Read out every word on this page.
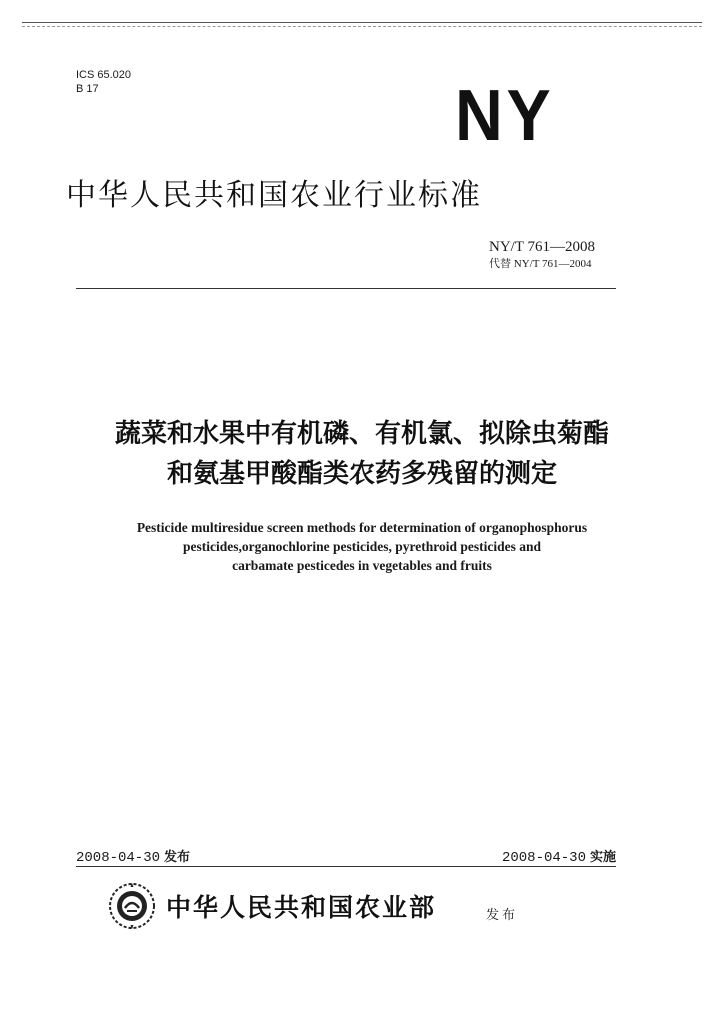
ICS 65.020
B 17	NY
中华人民共和国农业行业标准
NY/T 761—2008
代替 NY/T 761—2004
蔬菜和水果中有机磷、有机氯、拟除虫菊酯
和氨基甲酸酯类农药多残留的测定
Pesticide multiresidue screen methods for determination of organophosphorus
pesticides,organochlorine pesticides, pyrethroid pesticides and
carbamate pesticedes in vegetables and fruits
2008-04-30 发布	2008-04-30 实施
中华人民共和国农业部	发布
